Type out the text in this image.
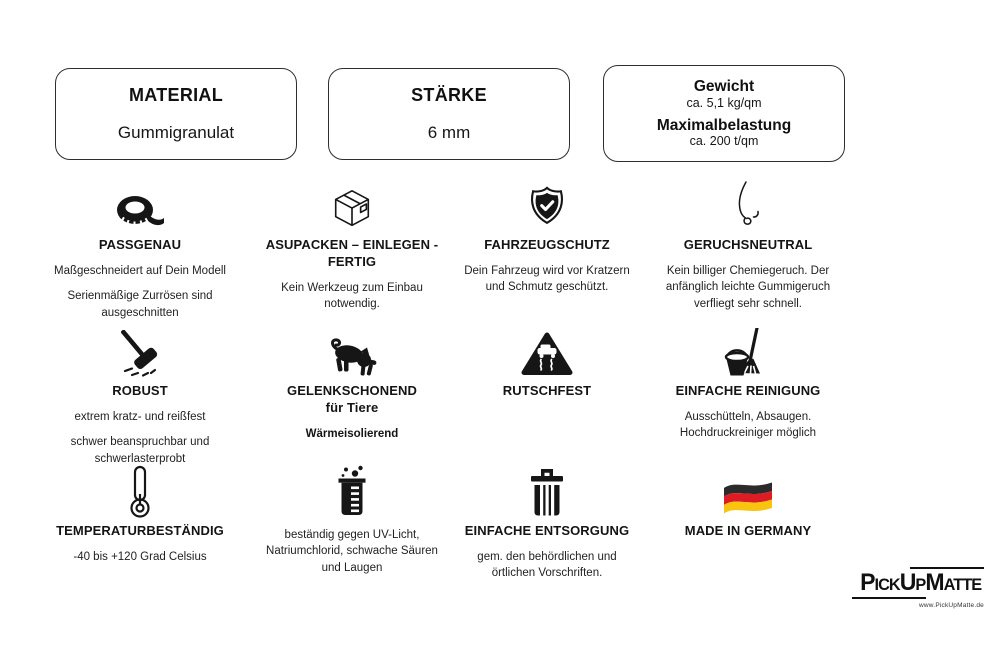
MATERIAL
Gummigranulat
STÄRKE
6 mm
Gewicht
ca. 5,1 kg/qm
Maximalbelastung
ca. 200 t/qm
PASSGENAU

Maßgeschneidert auf Dein Modell

Serienmäßige Zurrösen sind ausgeschnitten

ASUPACKEN – EINLEGEN -
FERTIG

Kein Werkzeug zum Einbau notwendig.

FAHRZEUGSCHUTZ

Dein Fahrzeug wird vor Kratzern und Schmutz geschützt.

GERUCHSNEUTRAL

Kein billiger Chemiegeruch. Der anfänglich leichte Gummigeruch verfliegt sehr schnell.

ROBUST

extrem kratz- und reißfest

schwer beanspruchbar und schwerlasterprobt

GELENKSCHONEND
für Tiere

Wärmeisolierend

RUTSCHFEST	EINFACHE REINIGUNG

Ausschütteln, Absaugen. Hochdruckreiniger möglich

TEMPERATURBESTÄNDIG

-40 bis +120 Grad Celsius

beständig gegen UV-Licht, Natriumchlorid, schwache Säuren und Laugen

EINFACHE ENTSORGUNG

gem. den behördlichen und örtlichen Vorschriften.

MADE IN GERMANY
PickUpMatte
www.PickUpMatte.de
